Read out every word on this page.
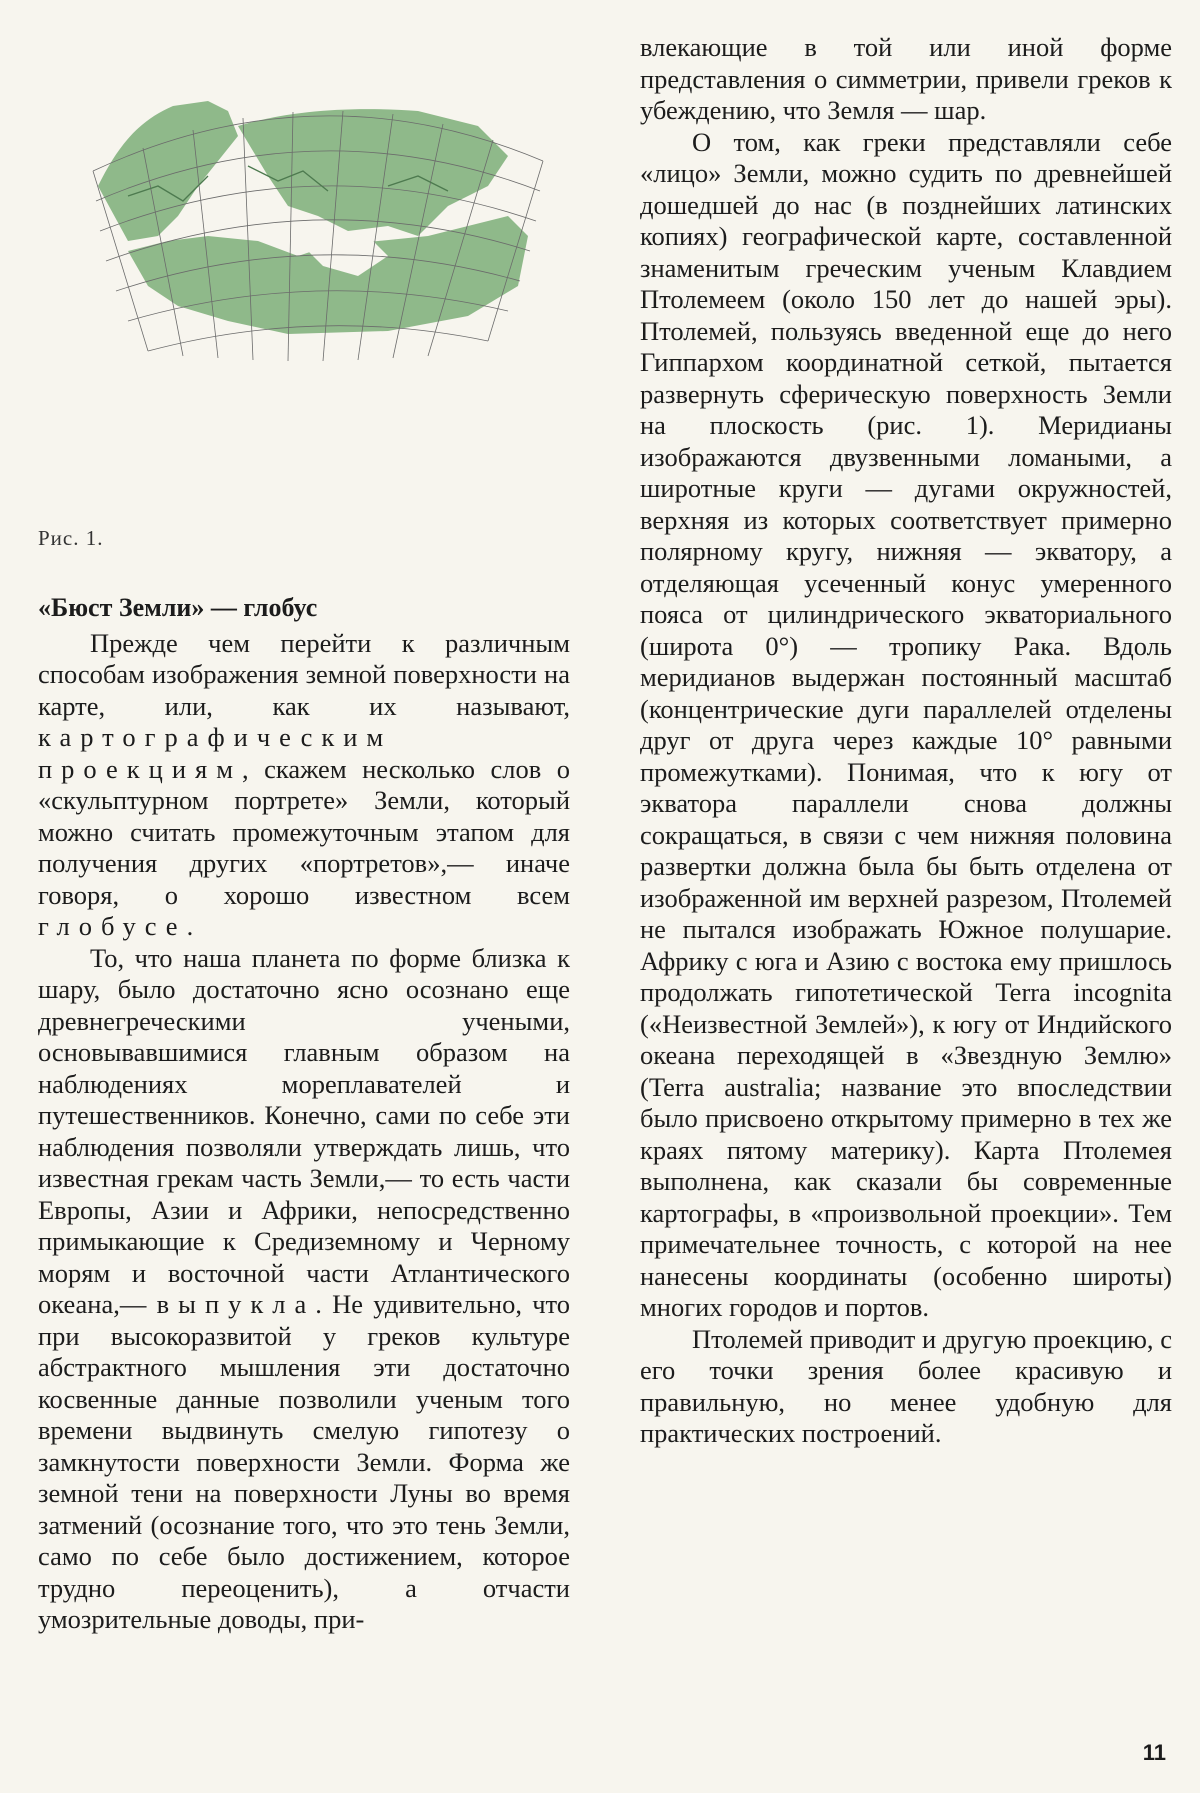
Рис. 1.

«Бюст Земли» — глобус

Прежде чем перейти к различным способам изображения земной поверхности на карте, или, как их называют, картографическим проекциям, скажем несколько слов о «скульптурном портрете» Земли, который можно считать промежуточным этапом для получения других «портретов»,— иначе говоря, о хорошо известном всем глобусе.

То, что наша планета по форме близка к шару, было достаточно ясно осознано еще древнегреческими учеными, основывавшимися главным образом на наблюдениях мореплавателей и путешественников. Конечно, сами по себе эти наблюдения позволяли утверждать лишь, что известная грекам часть Земли,— то есть части Европы, Азии и Африки, непосредственно примыкающие к Средиземному и Черному морям и восточной части Атлантического океана,— выпукла. Не удивительно, что при высокоразвитой у греков культуре абстрактного мышления эти достаточно косвенные данные позволили ученым того времени выдвинуть смелую гипотезу о замкнутости поверхности Земли. Форма же земной тени на поверхности Луны во время затмений (осознание того, что это тень Земли, само по себе было достижением, которое трудно переоценить), а отчасти умозрительные доводы, при-

влекающие в той или иной форме представления о симметрии, привели греков к убеждению, что Земля — шар.

О том, как греки представляли себе «лицо» Земли, можно судить по древнейшей дошедшей до нас (в позднейших латинских копиях) географической карте, составленной знаменитым греческим ученым Клавдием Птолемеем (около 150 лет до нашей эры). Птолемей, пользуясь введенной еще до него Гиппархом координатной сеткой, пытается развернуть сферическую поверхность Земли на плоскость (рис. 1). Меридианы изображаются двузвенными ломаными, а широтные круги — дугами окружностей, верхняя из которых соответствует примерно полярному кругу, нижняя — экватору, а отделяющая усеченный конус умеренного пояса от цилиндрического экваториального (широта 0°) — тропику Рака. Вдоль меридианов выдержан постоянный масштаб (концентрические дуги параллелей отделены друг от друга через каждые 10° равными промежутками). Понимая, что к югу от экватора параллели снова должны сокращаться, в связи с чем нижняя половина развертки должна была бы быть отделена от изображенной им верхней разрезом, Птолемей не пытался изображать Южное полушарие. Африку с юга и Азию с востока ему пришлось продолжать гипотетической Terra incognita («Неизвестной Землей»), к югу от Индийского океана переходящей в «Звездную Землю» (Terra australia; название это впоследствии было присвоено открытому примерно в тех же краях пятому материку). Карта Птолемея выполнена, как сказали бы современные картографы, в «произвольной проекции». Тем примечательнее точность, с которой на нее нанесены координаты (особенно широты) многих городов и портов.

Птолемей приводит и другую проекцию, с его точки зрения более красивую и правильную, но менее удобную для практических построений.

11
